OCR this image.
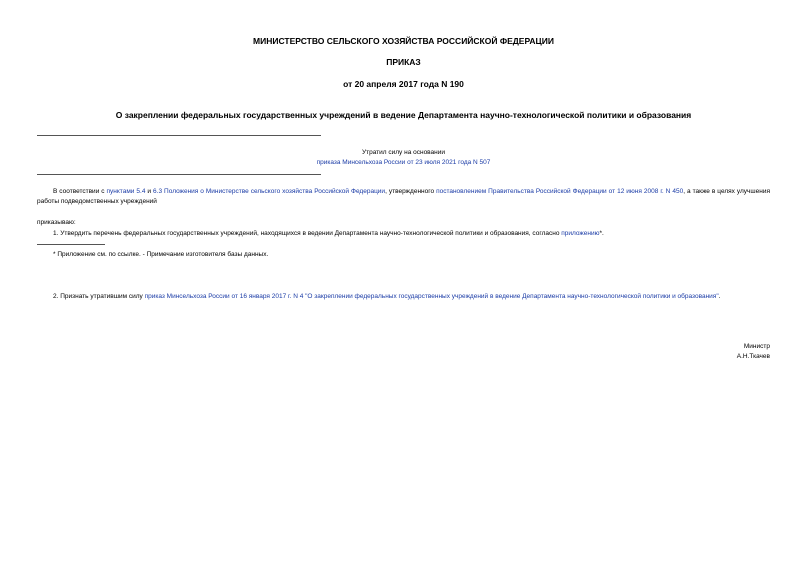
МИНИСТЕРСТВО СЕЛЬСКОГО ХОЗЯЙСТВА РОССИЙСКОЙ ФЕДЕРАЦИИ
ПРИКАЗ
от 20 апреля 2017 года N 190
О закреплении федеральных государственных учреждений в ведение Департамента научно-технологической политики и образования
Утратил силу на основании
приказа Минсельхоза России от 23 июля 2021 года N 507
В соответствии с пунктами 5.4 и 6.3 Положения о Министерстве сельского хозяйства Российской Федерации, утвержденного постановлением Правительства Российской Федерации от 12 июня 2008 г. N 450, а также в целях улучшения работы подведомственных учреждений
приказываю:
1. Утвердить перечень федеральных государственных учреждений, находящихся в ведении Департамента научно-технологической политики и образования, согласно приложению*.
* Приложение см. по ссылке. - Примечание изготовителя базы данных.
2. Признать утратившим силу приказ Минсельхоза России от 16 января 2017 г. N 4 "О закреплении федеральных государственных учреждений в ведение Департамента научно-технологической политики и образования".
Министр
А.Н.Ткачев
